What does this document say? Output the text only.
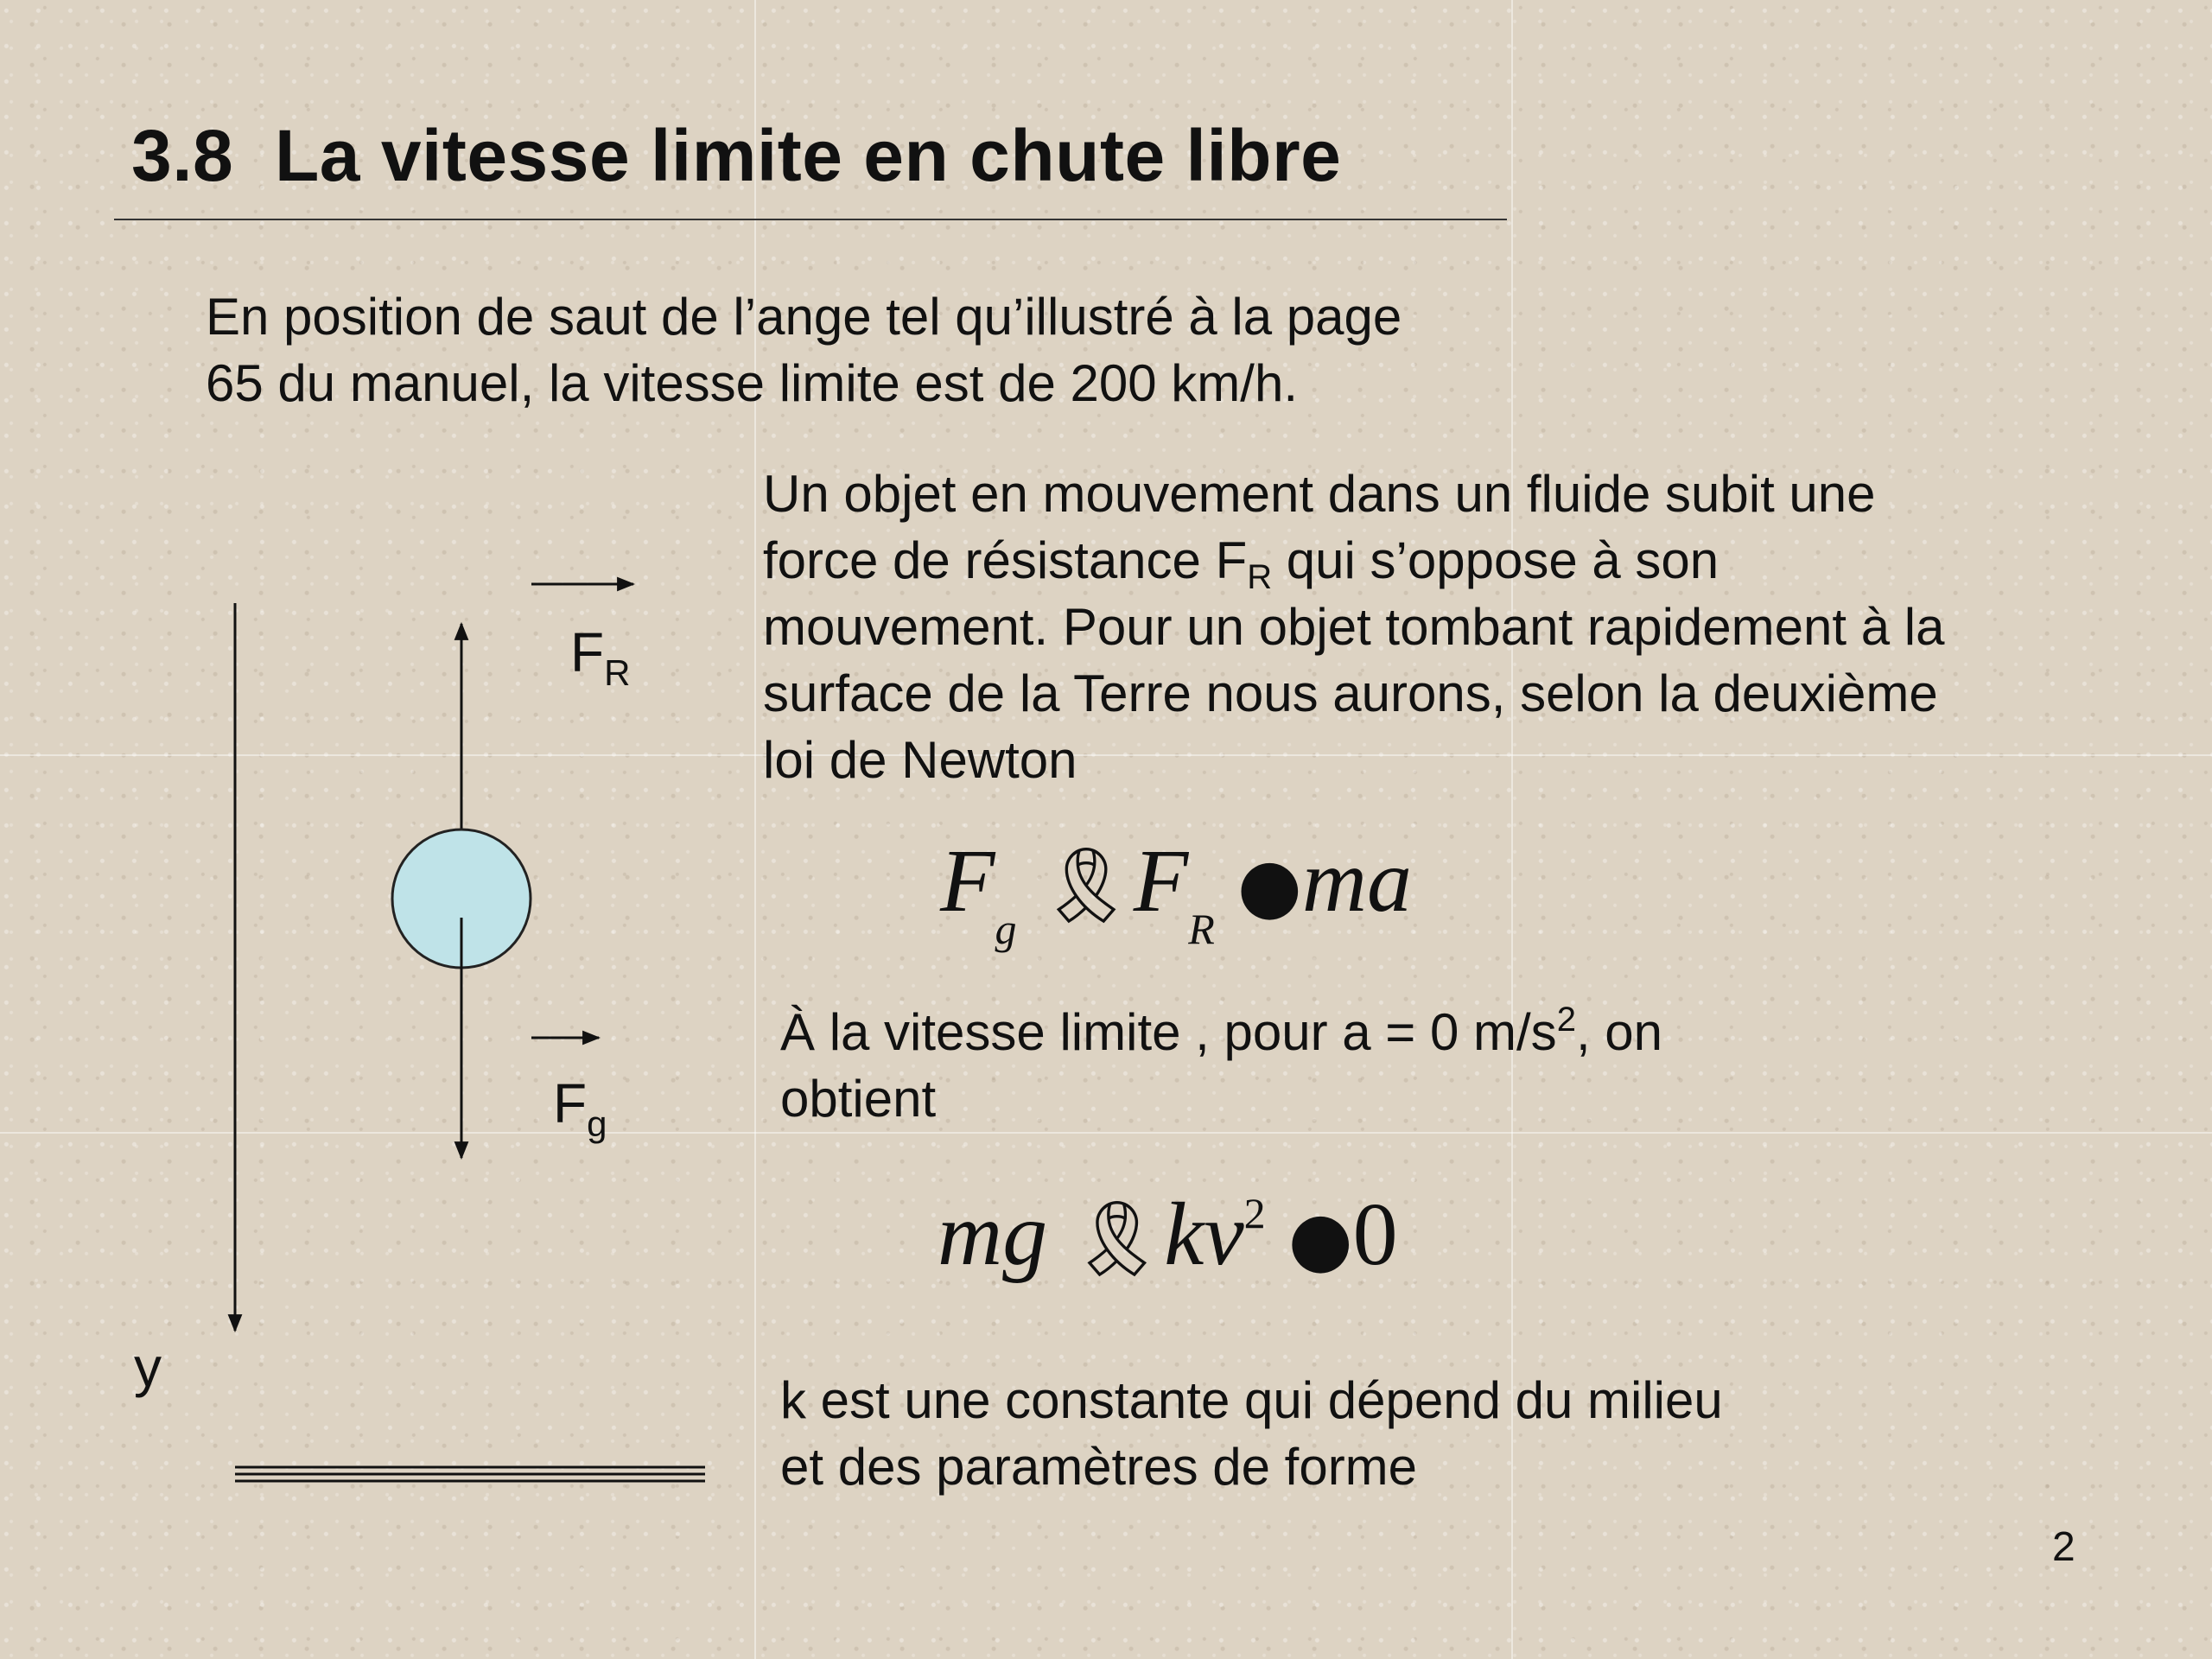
3.8  La vitesse limite en chute libre
En position de saut de l’ange tel qu’illustré à la page
65 du manuel, la vitesse limite est de 200 km/h.
Un objet en mouvement dans un fluide subit une
force de résistance $F_R$ qui s’oppose à son
mouvement. Pour un objet tombant rapidement à la
surface de la Terre nous aurons, selon la deuxième
loi de Newton
$F_g$ $🎗F_R$ ●ma
À la vitesse limite , pour a = 0 $m/s^2$, on
obtient
mg $🎗kv^2$ ●0
k est une constante qui dépend du milieu
et des paramètres de forme
y
$F_R$
$F_g$
2
